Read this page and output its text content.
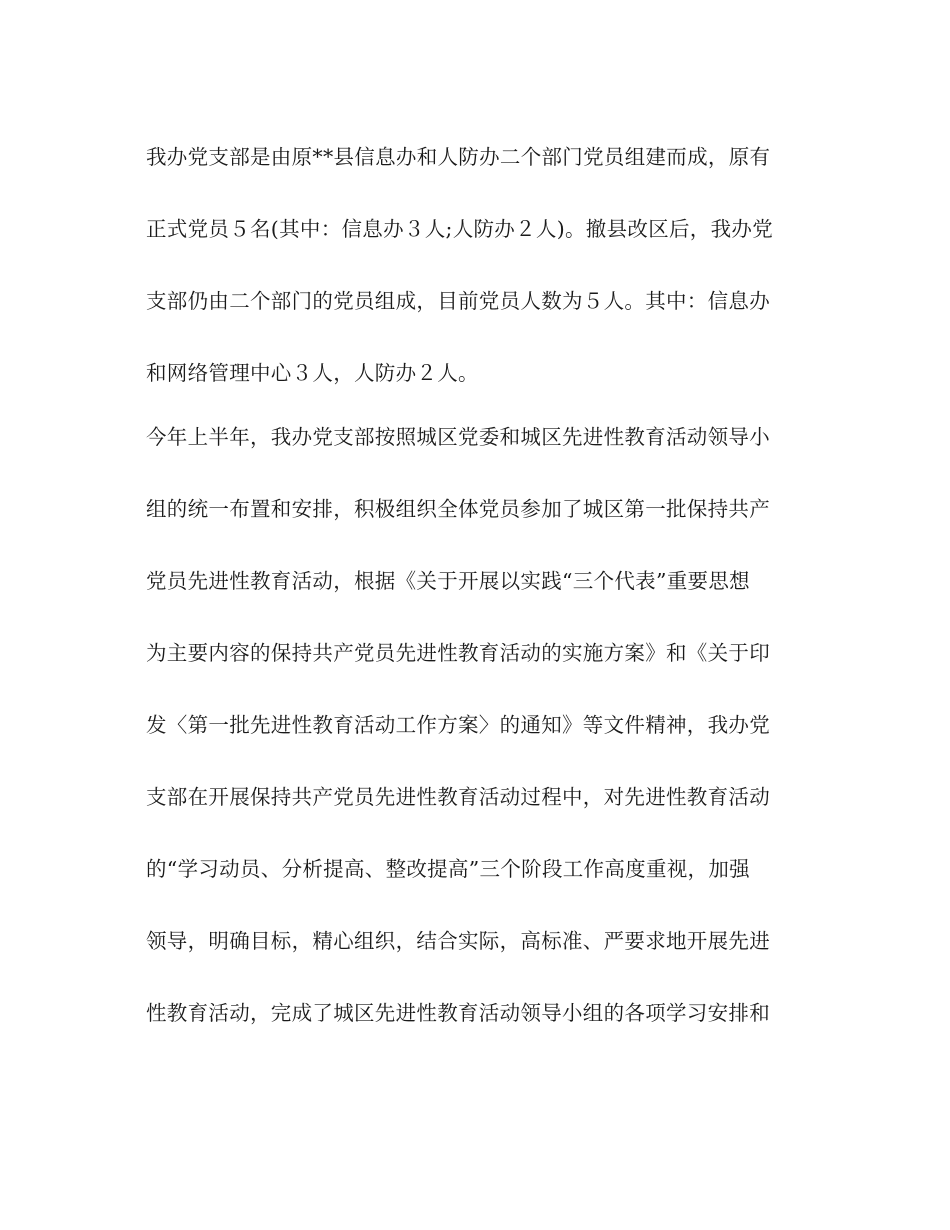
我办党支部是由原**县信息办和人防办二个部门党员组建而成，原有
正式党员５名(其中：信息办３人;人防办２人)。撤县改区后，我办党
支部仍由二个部门的党员组成，目前党员人数为５人。其中：信息办
和网络管理中心３人，人防办２人。
今年上半年，我办党支部按照城区党委和城区先进性教育活动领导小
组的统一布置和安排，积极组织全体党员参加了城区第一批保持共产
党员先进性教育活动，根据《关于开展以实践“三个代表”重要思想
为主要内容的保持共产党员先进性教育活动的实施方案》和《关于印
发〈第一批先进性教育活动工作方案〉的通知》等文件精神，我办党
支部在开展保持共产党员先进性教育活动过程中，对先进性教育活动
的“学习动员、分析提高、整改提高”三个阶段工作高度重视，加强
领导，明确目标，精心组织，结合实际，高标准、严要求地开展先进
性教育活动，完成了城区先进性教育活动领导小组的各项学习安排和
